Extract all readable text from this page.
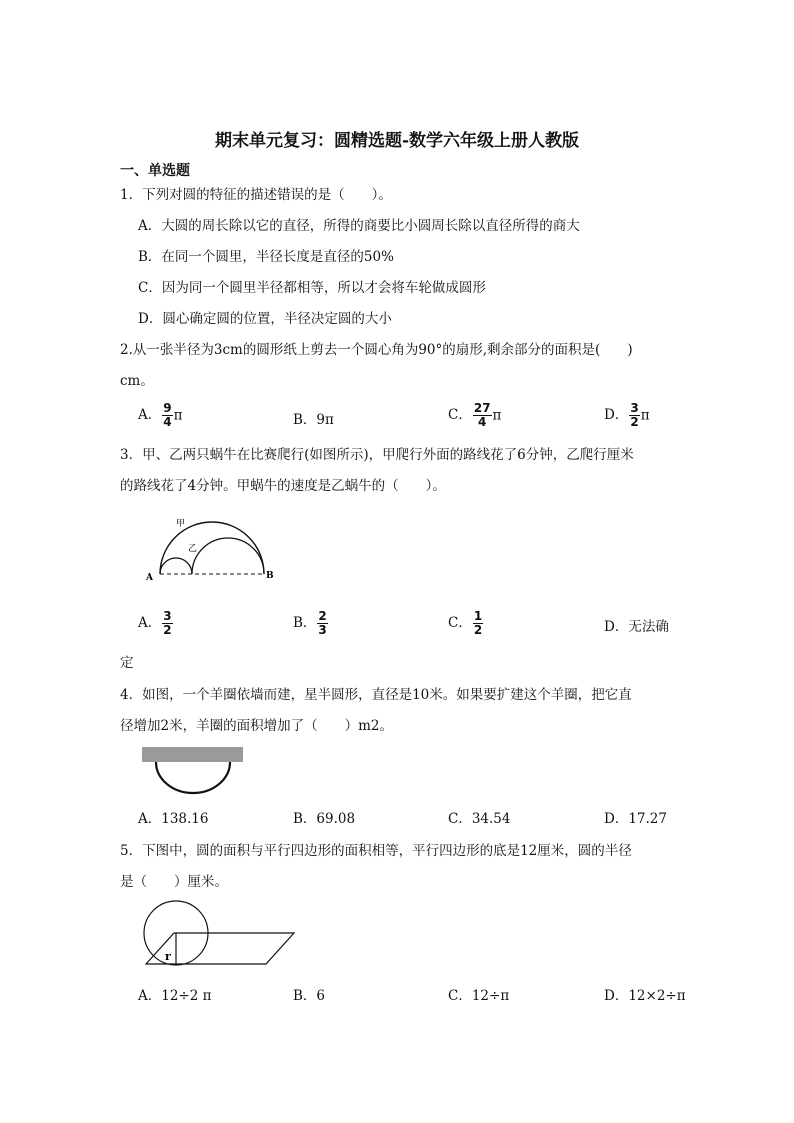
期末单元复习：圆精选题-数学六年级上册人教版
一、单选题
1．下列对圆的特征的描述错误的是（　　）。
A．大圆的周长除以它的直径，所得的商要比小圆周长除以直径所得的商大
B．在同一个圆里，半径长度是直径的50%
C．因为同一个圆里半径都相等，所以才会将车轮做成圆形
D．圆心确定圆的位置，半径决定圆的大小
2.从一张半径为3cm的圆形纸上剪去一个圆心角为90°的扇形,剩余部分的面积是(　　)
cm。
A． $\frac{9}{4}$ π	B．9π	C． $\frac{27}{4}$ π	D． $\frac{3}{2}$ π
3．甲、乙两只蜗牛在比赛爬行(如图所示)，甲爬行外面的路线花了6分钟，乙爬行厘米
的路线花了4分钟。甲蜗牛的速度是乙蜗牛的（　　）。
甲
乙
A	B
A． $\frac{3}{2}$	B． $\frac{2}{3}$	C． $\frac{1}{2}$	D．无法确
定
4．如图，一个羊圈依墙而建，星半圆形，直径是10米。如果要扩建这个羊圈，把它直
径增加2米，羊圈的面积增加了（　　）m2。
A．138.16	B．69.08	C．34.54	D．17.27
5．下图中，圆的面积与平行四边形的面积相等，平行四边形的底是12厘米，圆的半径
是（　　）厘米。
r
A．12÷2 π	B．6	C．12÷π	D．12×2÷π
